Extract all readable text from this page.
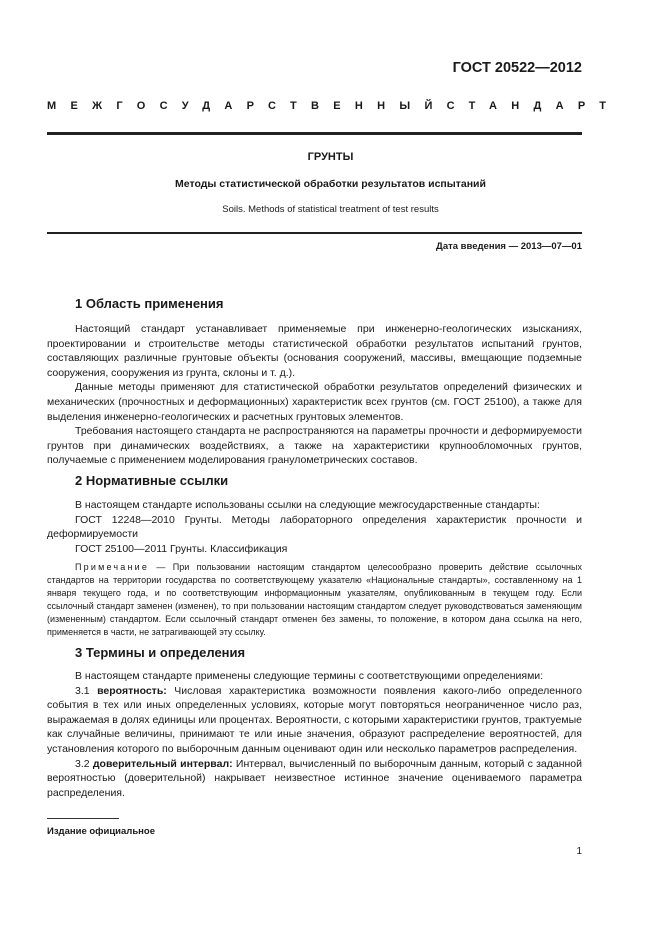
ГОСТ 20522—2012
МЕЖГОСУДАРСТВЕННЫЙ СТАНДАРТ
ГРУНТЫ
Методы статистической обработки результатов испытаний
Soils. Methods of statistical treatment of test results
Дата введения — 2013—07—01
1 Область применения

Настоящий стандарт устанавливает применяемые при инженерно-геологических изысканиях, проектировании и строительстве методы статистической обработки результатов испытаний грунтов, составляющих различные грунтовые объекты (основания сооружений, массивы, вмещающие подземные сооружения, сооружения из грунта, склоны и т. д.).

Данные методы применяют для статистической обработки результатов определений физических и механических (прочностных и деформационных) характеристик всех грунтов (см. ГОСТ 25100), а также для выделения инженерно-геологических и расчетных грунтовых элементов.

Требования настоящего стандарта не распространяются на параметры прочности и деформируемости грунтов при динамических воздействиях, а также на характеристики крупнообломочных грунтов, получаемые с применением моделирования гранулометрических составов.

2 Нормативные ссылки

В настоящем стандарте использованы ссылки на следующие межгосударственные стандарты:

ГОСТ 12248—2010 Грунты. Методы лабораторного определения характеристик прочности и деформируемости

ГОСТ 25100—2011 Грунты. Классификация

Примечание — При пользовании настоящим стандартом целесообразно проверить действие ссылочных стандартов на территории государства по соответствующему указателю «Национальные стандарты», составленному на 1 января текущего года, и по соответствующим информационным указателям, опубликованным в текущем году. Если ссылочный стандарт заменен (изменен), то при пользовании настоящим стандартом следует руководствоваться заменяющим (измененным) стандартом. Если ссылочный стандарт отменен без замены, то положение, в котором дана ссылка на него, применяется в части, не затрагивающей эту ссылку.

3 Термины и определения

В настоящем стандарте применены следующие термины с соответствующими определениями:

3.1 вероятность: Числовая характеристика возможности появления какого-либо определенного события в тех или иных определенных условиях, которые могут повторяться неограниченное число раз, выражаемая в долях единицы или процентах. Вероятности, с которыми характеристики грунтов, трактуемые как случайные величины, принимают те или иные значения, образуют распределение вероятностей, для установления которого по выборочным данным оценивают один или несколько параметров распределения.

3.2 доверительный интервал: Интервал, вычисленный по выборочным данным, который с заданной вероятностью (доверительной) накрывает неизвестное истинное значение оцениваемого параметра распределения.

Издание официальное
1
